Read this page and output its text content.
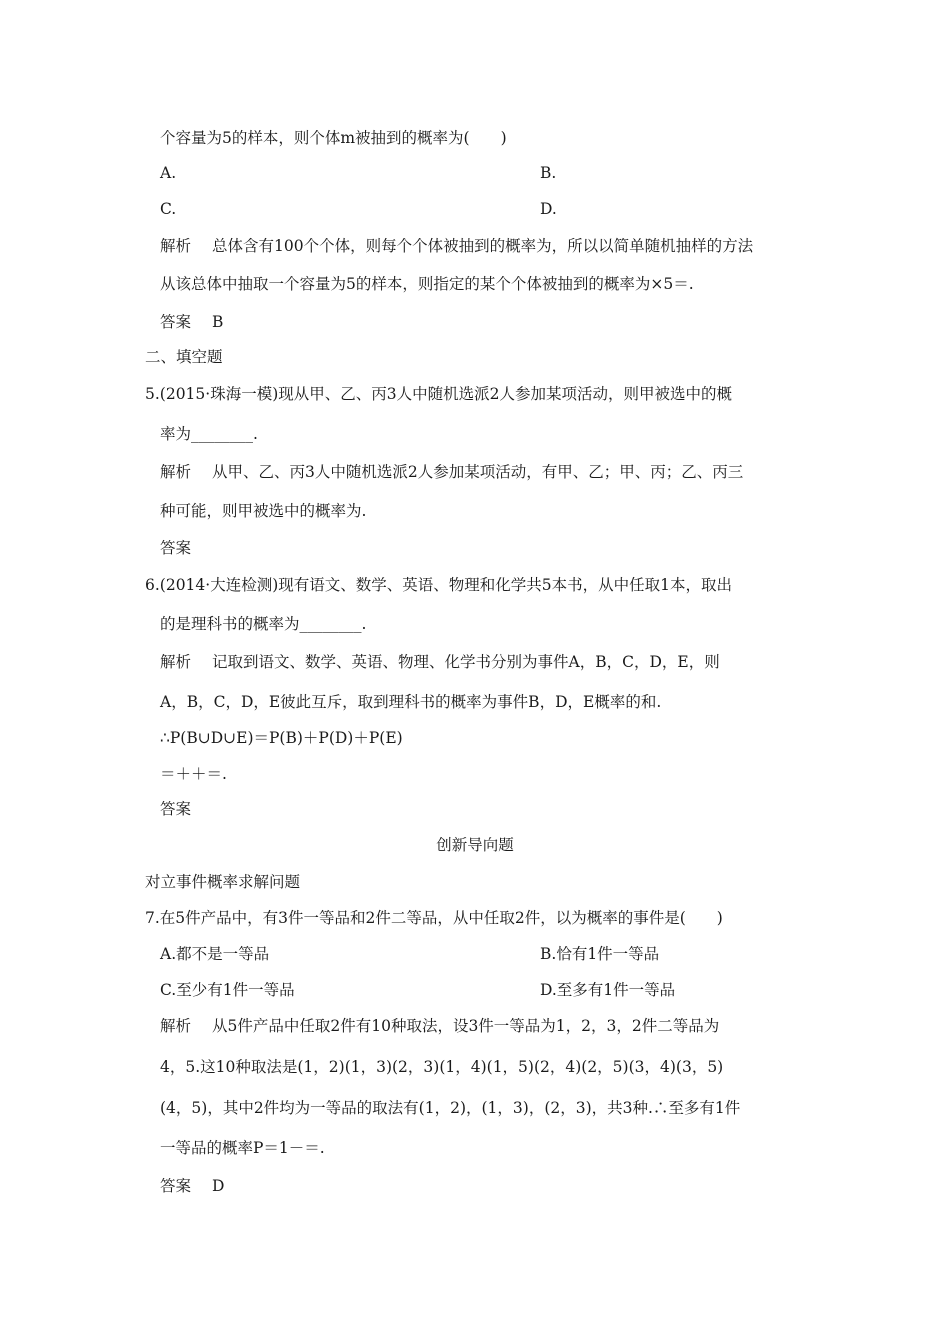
个容量为5的样本，则个体m被抽到的概率为(　　)
A.	B.
C.	D.
解析 总体含有100个个体，则每个个体被抽到的概率为，所以以简单随机抽样的方法
从该总体中抽取一个容量为5的样本，则指定的某个个体被抽到的概率为×5＝.
答案 B
二、填空题
5.(2015·珠海一模)现从甲、乙、丙3人中随机选派2人参加某项活动，则甲被选中的概
率为________.
解析 从甲、乙、丙3人中随机选派2人参加某项活动，有甲、乙；甲、丙；乙、丙三
种可能，则甲被选中的概率为.
答案
6.(2014·大连检测)现有语文、数学、英语、物理和化学共5本书，从中任取1本，取出
的是理科书的概率为________.
解析 记取到语文、数学、英语、物理、化学书分别为事件A，B，C，D，E，则
A，B，C，D，E彼此互斥，取到理科书的概率为事件B，D，E概率的和.
∴P(B∪D∪E)＝P(B)＋P(D)＋P(E)
＝＋＋＝.
答案
创新导向题
对立事件概率求解问题
7.在5件产品中，有3件一等品和2件二等品，从中任取2件，以为概率的事件是(　　)
A.都不是一等品	B.恰有1件一等品
C.至少有1件一等品	D.至多有1件一等品
解析 从5件产品中任取2件有10种取法，设3件一等品为1，2，3，2件二等品为
4，5.这10种取法是(1，2)(1，3)(2，3)(1，4)(1，5)(2，4)(2，5)(3，4)(3，5)
(4，5)，其中2件均为一等品的取法有(1，2)，(1，3)，(2，3)，共3种.∴至多有1件
一等品的概率P＝1－＝.
答案 D
